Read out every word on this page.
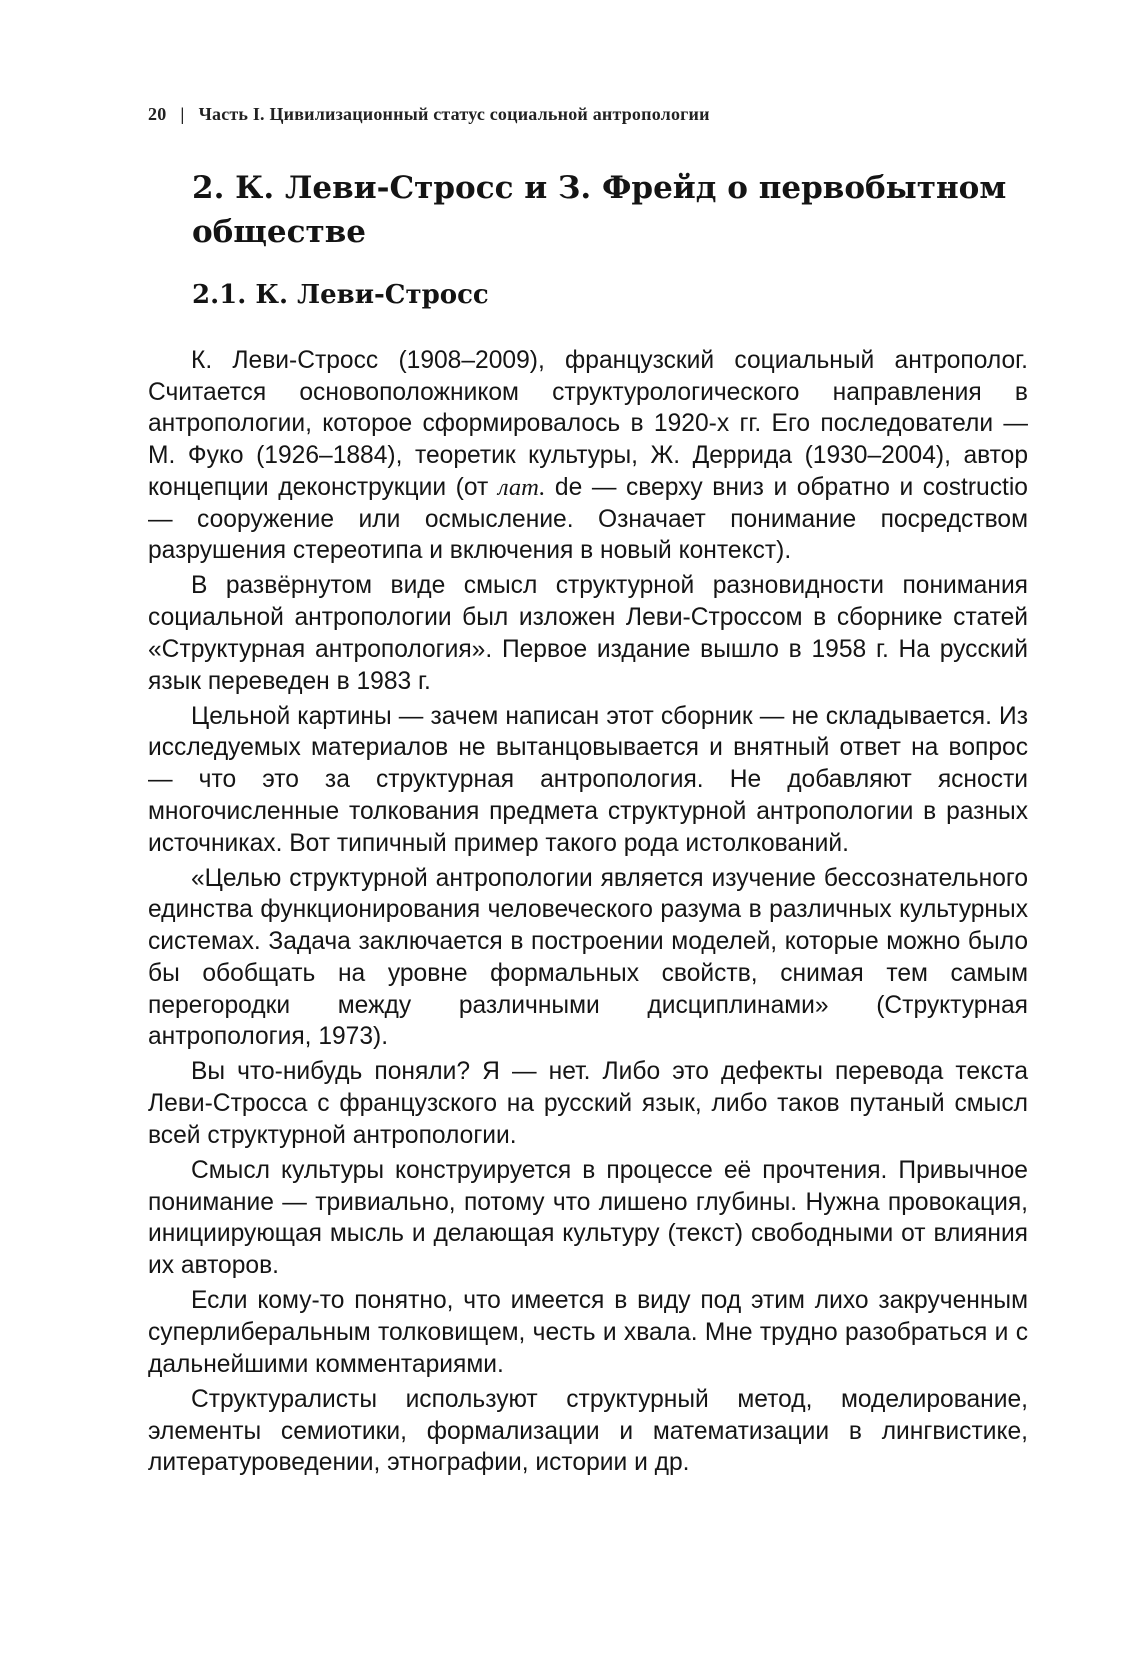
20 | Часть I. Цивилизационный статус социальной антропологии
2. К. Леви-Стросс и З. Фрейд о первобытном обществе
2.1. К. Леви-Стросс

К. Леви-Стросс (1908–2009), французский социальный антрополог. Считается основоположником структурологического направления в антропологии, которое сформировалось в 1920-х гг. Его последователи — М. Фуко (1926–1884), теоретик культуры, Ж. Деррида (1930–2004), автор концепции деконструкции (от лат. de — сверху вниз и обратно и costructio — сооружение или осмысление. Означает понимание посредством разрушения стереотипа и включения в новый контекст).

В развёрнутом виде смысл структурной разновидности понимания социальной антропологии был изложен Леви-Строссом в сборнике статей «Структурная антропология». Первое издание вышло в 1958 г. На русский язык переведен в 1983 г.

Цельной картины — зачем написан этот сборник — не складывается. Из исследуемых материалов не вытанцовывается и внятный ответ на вопрос — что это за структурная антропология. Не добавляют ясности многочисленные толкования предмета структурной антропологии в разных источниках. Вот типичный пример такого рода истолкований.

«Целью структурной антропологии является изучение бессознательного единства функционирования человеческого разума в различных культурных системах. Задача заключается в построении моделей, которые можно было бы обобщать на уровне формальных свойств, снимая тем самым перегородки между различными дисциплинами» (Структурная антропология, 1973).

Вы что-нибудь поняли? Я — нет. Либо это дефекты перевода текста Леви-Стросса с французского на русский язык, либо таков путаный смысл всей структурной антропологии.

Смысл культуры конструируется в процессе её прочтения. Привычное понимание — тривиально, потому что лишено глубины. Нужна провокация, инициирующая мысль и делающая культуру (текст) свободными от влияния их авторов.

Если кому-то понятно, что имеется в виду под этим лихо закрученным суперлиберальным толковищем, честь и хвала. Мне трудно разобраться и с дальнейшими комментариями.

Структуралисты используют структурный метод, моделирование, элементы семиотики, формализации и математизации в лингвистике, литературоведении, этнографии, истории и др.
